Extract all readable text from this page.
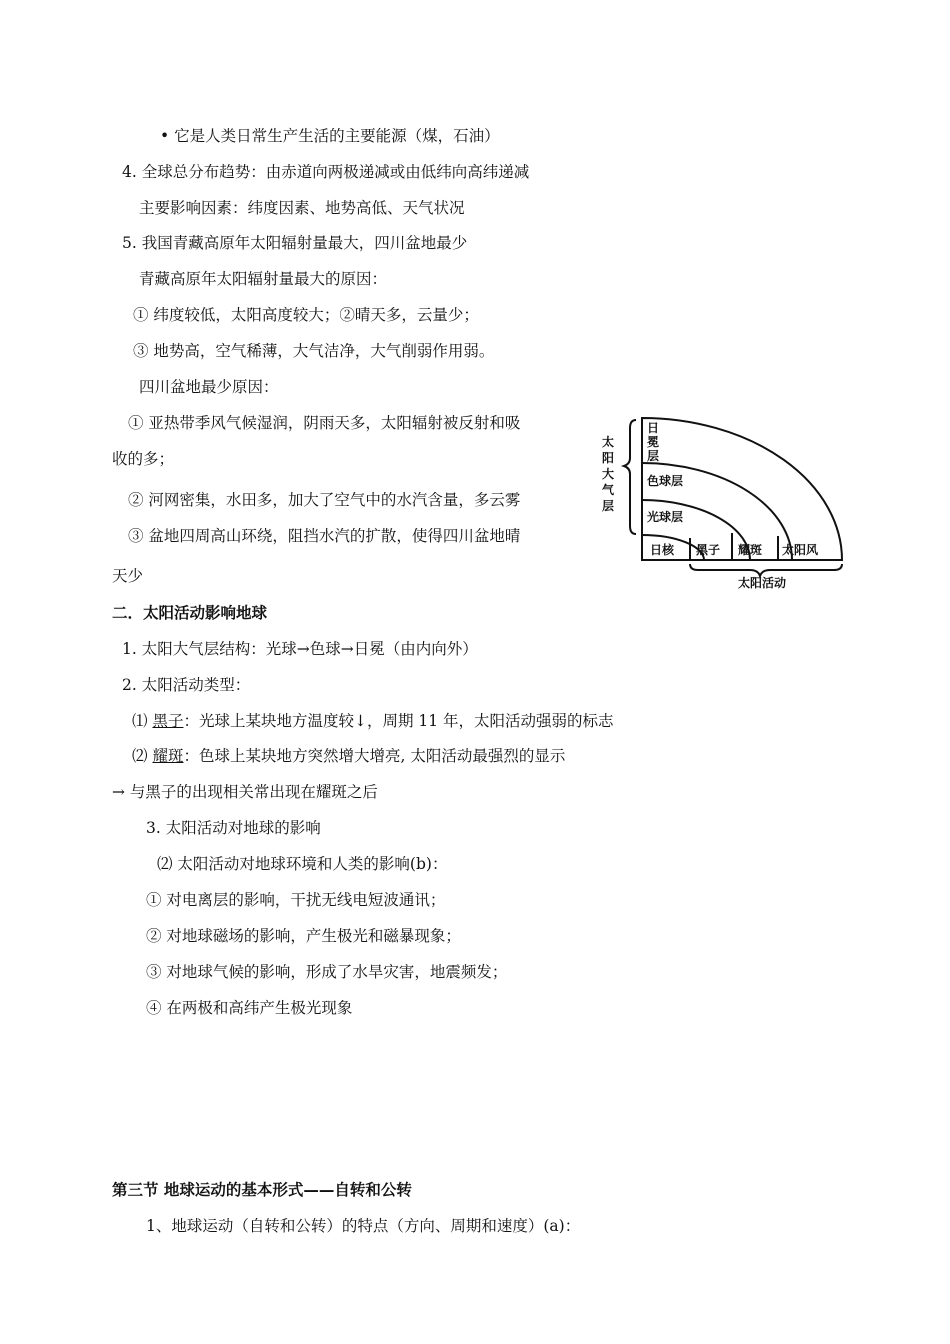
• 它是人类日常生产生活的主要能源（煤，石油）
4. 全球总分布趋势：由赤道向两极递减或由低纬向高纬递减
主要影响因素：纬度因素、地势高低、天气状况
5. 我国青藏高原年太阳辐射量最大，四川盆地最少
青藏高原年太阳辐射量最大的原因：
① 纬度较低，太阳高度较大；②晴天多，云量少；
③ 地势高，空气稀薄，大气洁净，大气削弱作用弱。
四川盆地最少原因：
① 亚热带季风气候湿润，阴雨天多，太阳辐射被反射和吸
收的多；
② 河网密集，水田多，加大了空气中的水汽含量，多云雾
③ 盆地四周高山环绕，阻挡水汽的扩散，使得四川盆地晴
天少
二．太阳活动影响地球
1. 太阳大气层结构：光球→色球→日冕（由内向外）
2. 太阳活动类型：
⑴ 黑子：光球上某块地方温度较↓，周期 11 年，太阳活动强弱的标志
⑵ 耀斑：色球上某块地方突然增大增亮, 太阳活动最强烈的显示
→ 与黑子的出现相关常出现在耀斑之后
3. 太阳活动对地球的影响
⑵ 太阳活动对地球环境和人类的影响(b)：
① 对电离层的影响，干扰无线电短波通讯；
② 对地球磁场的影响，产生极光和磁暴现象；
③ 对地球气候的影响，形成了水旱灾害，地震频发；
④ 在两极和高纬产生极光现象
第三节 地球运动的基本形式——自转和公转
1、地球运动（自转和公转）的特点（方向、周期和速度）(a)：
太
阳
大
气
层
日
冕
层
色球层
光球层
日核 黑子 耀斑 太阳风
太阳活动
